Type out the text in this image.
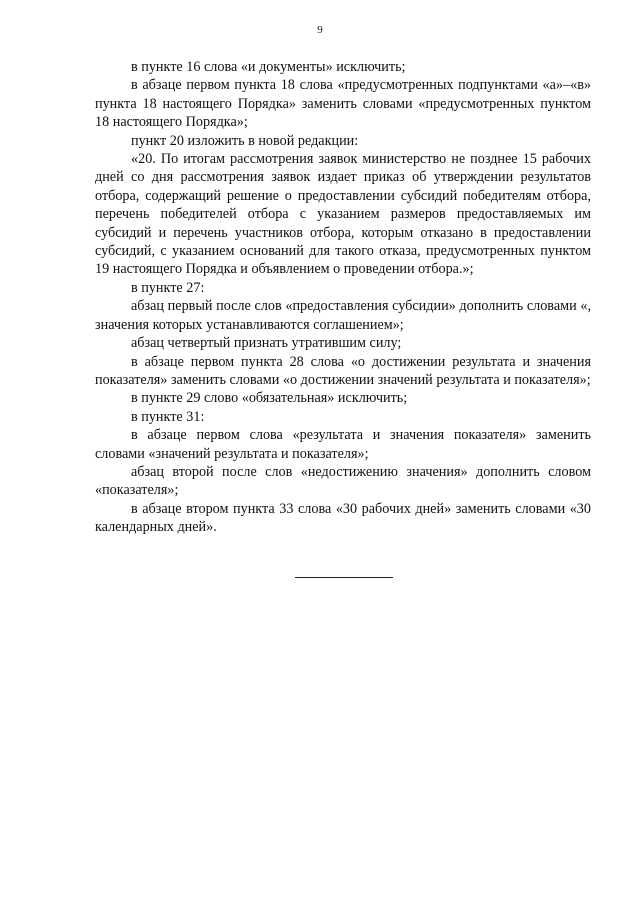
9

в пункте 16 слова «и документы» исключить;

в абзаце первом пункта 18 слова «предусмотренных подпунктами «а»–«в» пункта 18 настоящего Порядка» заменить словами «предусмотренных пунктом 18 настоящего Порядка»;

пункт 20 изложить в новой редакции:

«20. По итогам рассмотрения заявок министерство не позднее 15 рабочих дней со дня рассмотрения заявок издает приказ об утверждении результатов отбора, содержащий решение о предоставлении субсидий победителям отбора, перечень победителей отбора с указанием размеров предоставляемых им субсидий и перечень участников отбора, которым отказано в предоставлении субсидий, с указанием оснований для такого отказа, предусмотренных пунктом 19 настоящего Порядка и объявлением о проведении отбора.»;

в пункте 27:

абзац первый после слов «предоставления субсидии» дополнить словами «, значения которых устанавливаются соглашением»;

абзац четвертый признать утратившим силу;

в абзаце первом пункта 28 слова «о достижении результата и значения показателя» заменить словами «о достижении значений результата и показателя»;

в пункте 29 слово «обязательная» исключить;

в пункте 31:

в абзаце первом слова «результата и значения показателя» заменить словами «значений результата и показателя»;

абзац второй после слов «недостижению значения» дополнить словом «показателя»;

в абзаце втором пункта 33 слова «30 рабочих дней» заменить словами «30 календарных дней».
